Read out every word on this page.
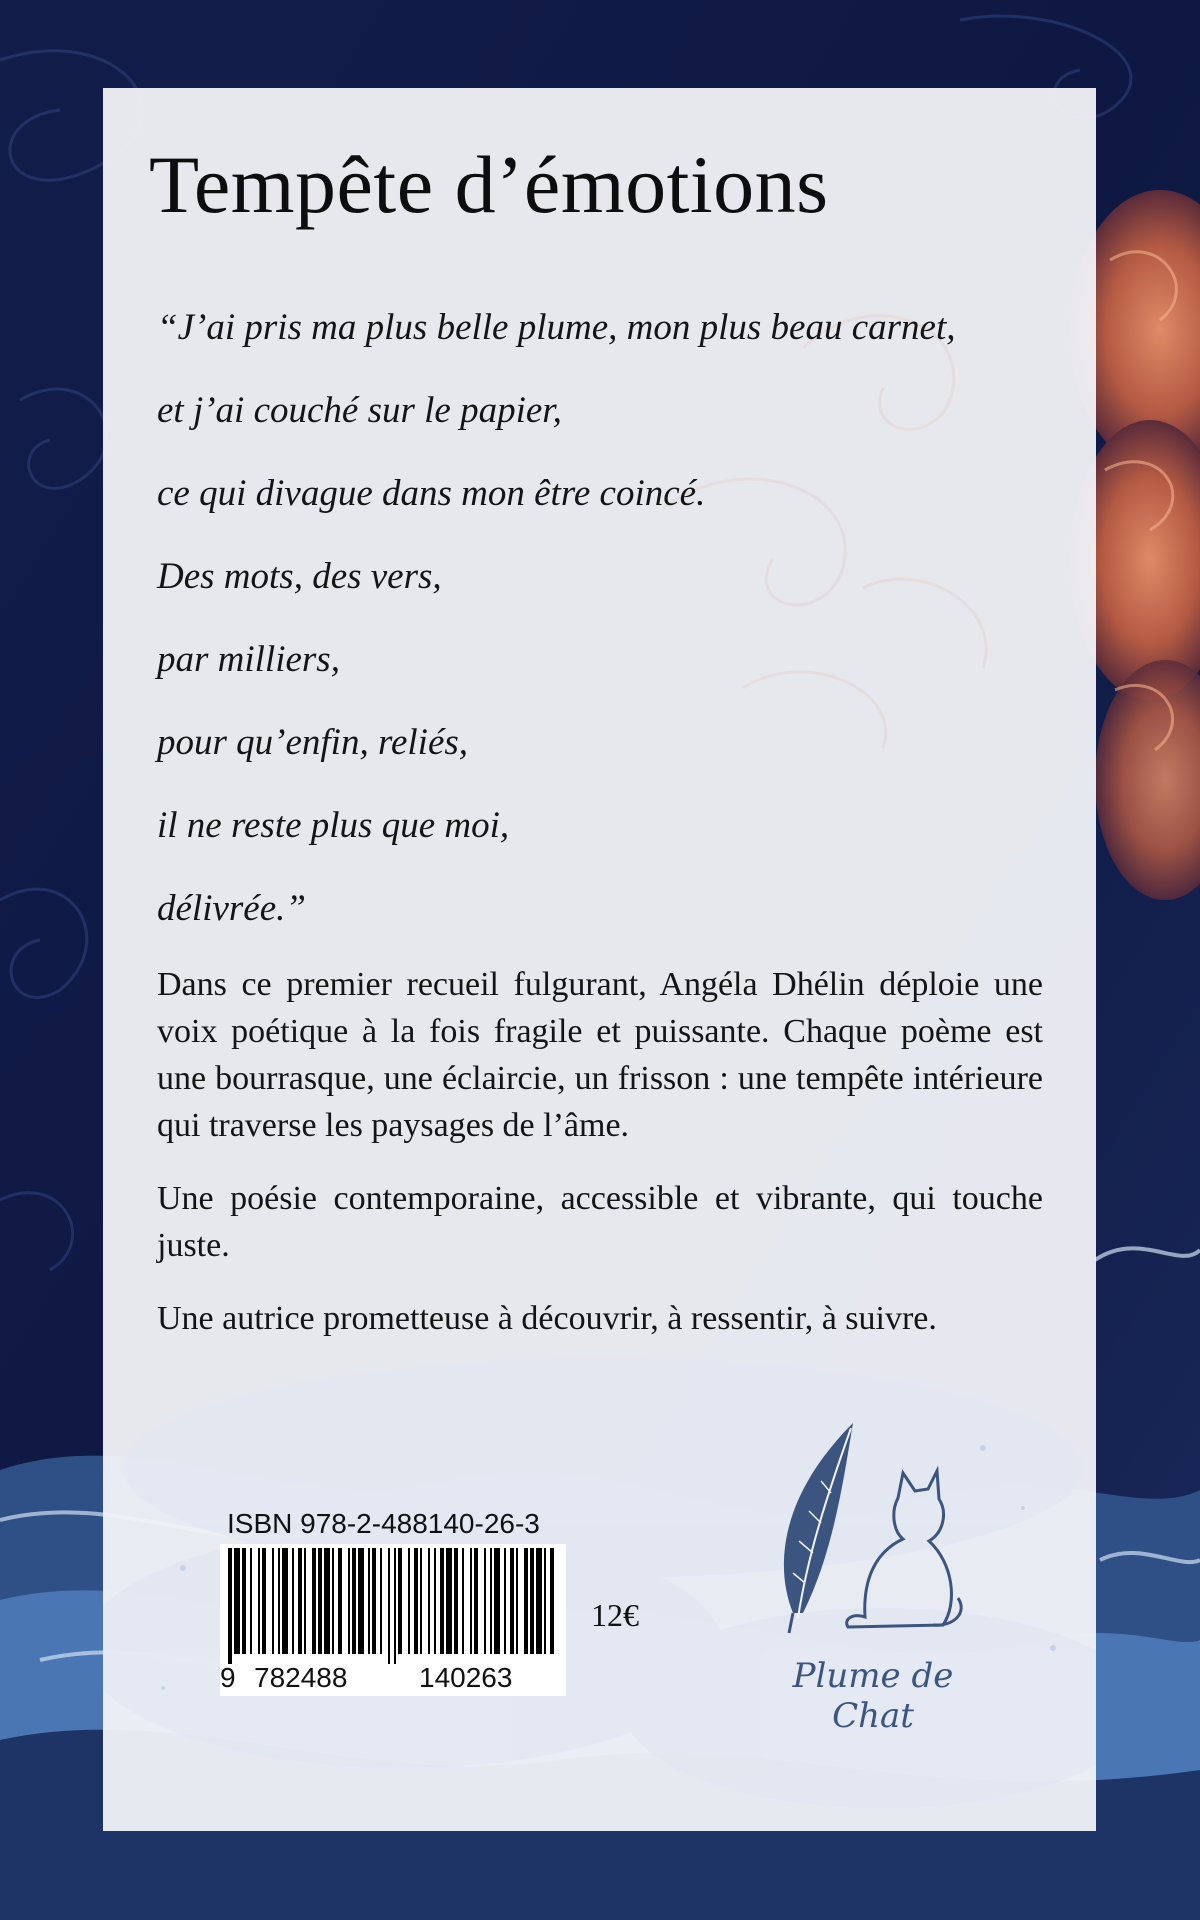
Tempête d’émotions
“J’ai pris ma plus belle plume, mon plus beau carnet,
et j’ai couché sur le papier,
ce qui divague dans mon être coincé.
Des mots, des vers,
par milliers,
pour qu’enfin, reliés,
il ne reste plus que moi,
délivrée.”

Dans ce premier recueil fulgurant, Angéla Dhélin déploie une voix poétique à la fois fragile et puissante. Chaque poème est une bourrasque, une éclaircie, un frisson : une tempête intérieure qui traverse les paysages de l’âme.

Une poésie contemporaine, accessible et vibrante, qui touche juste.

Une autrice prometteuse à découvrir, à ressentir, à suivre.

ISBN 978-2-488140-26-3
9 782488	140263
12€
Plume de Chat
